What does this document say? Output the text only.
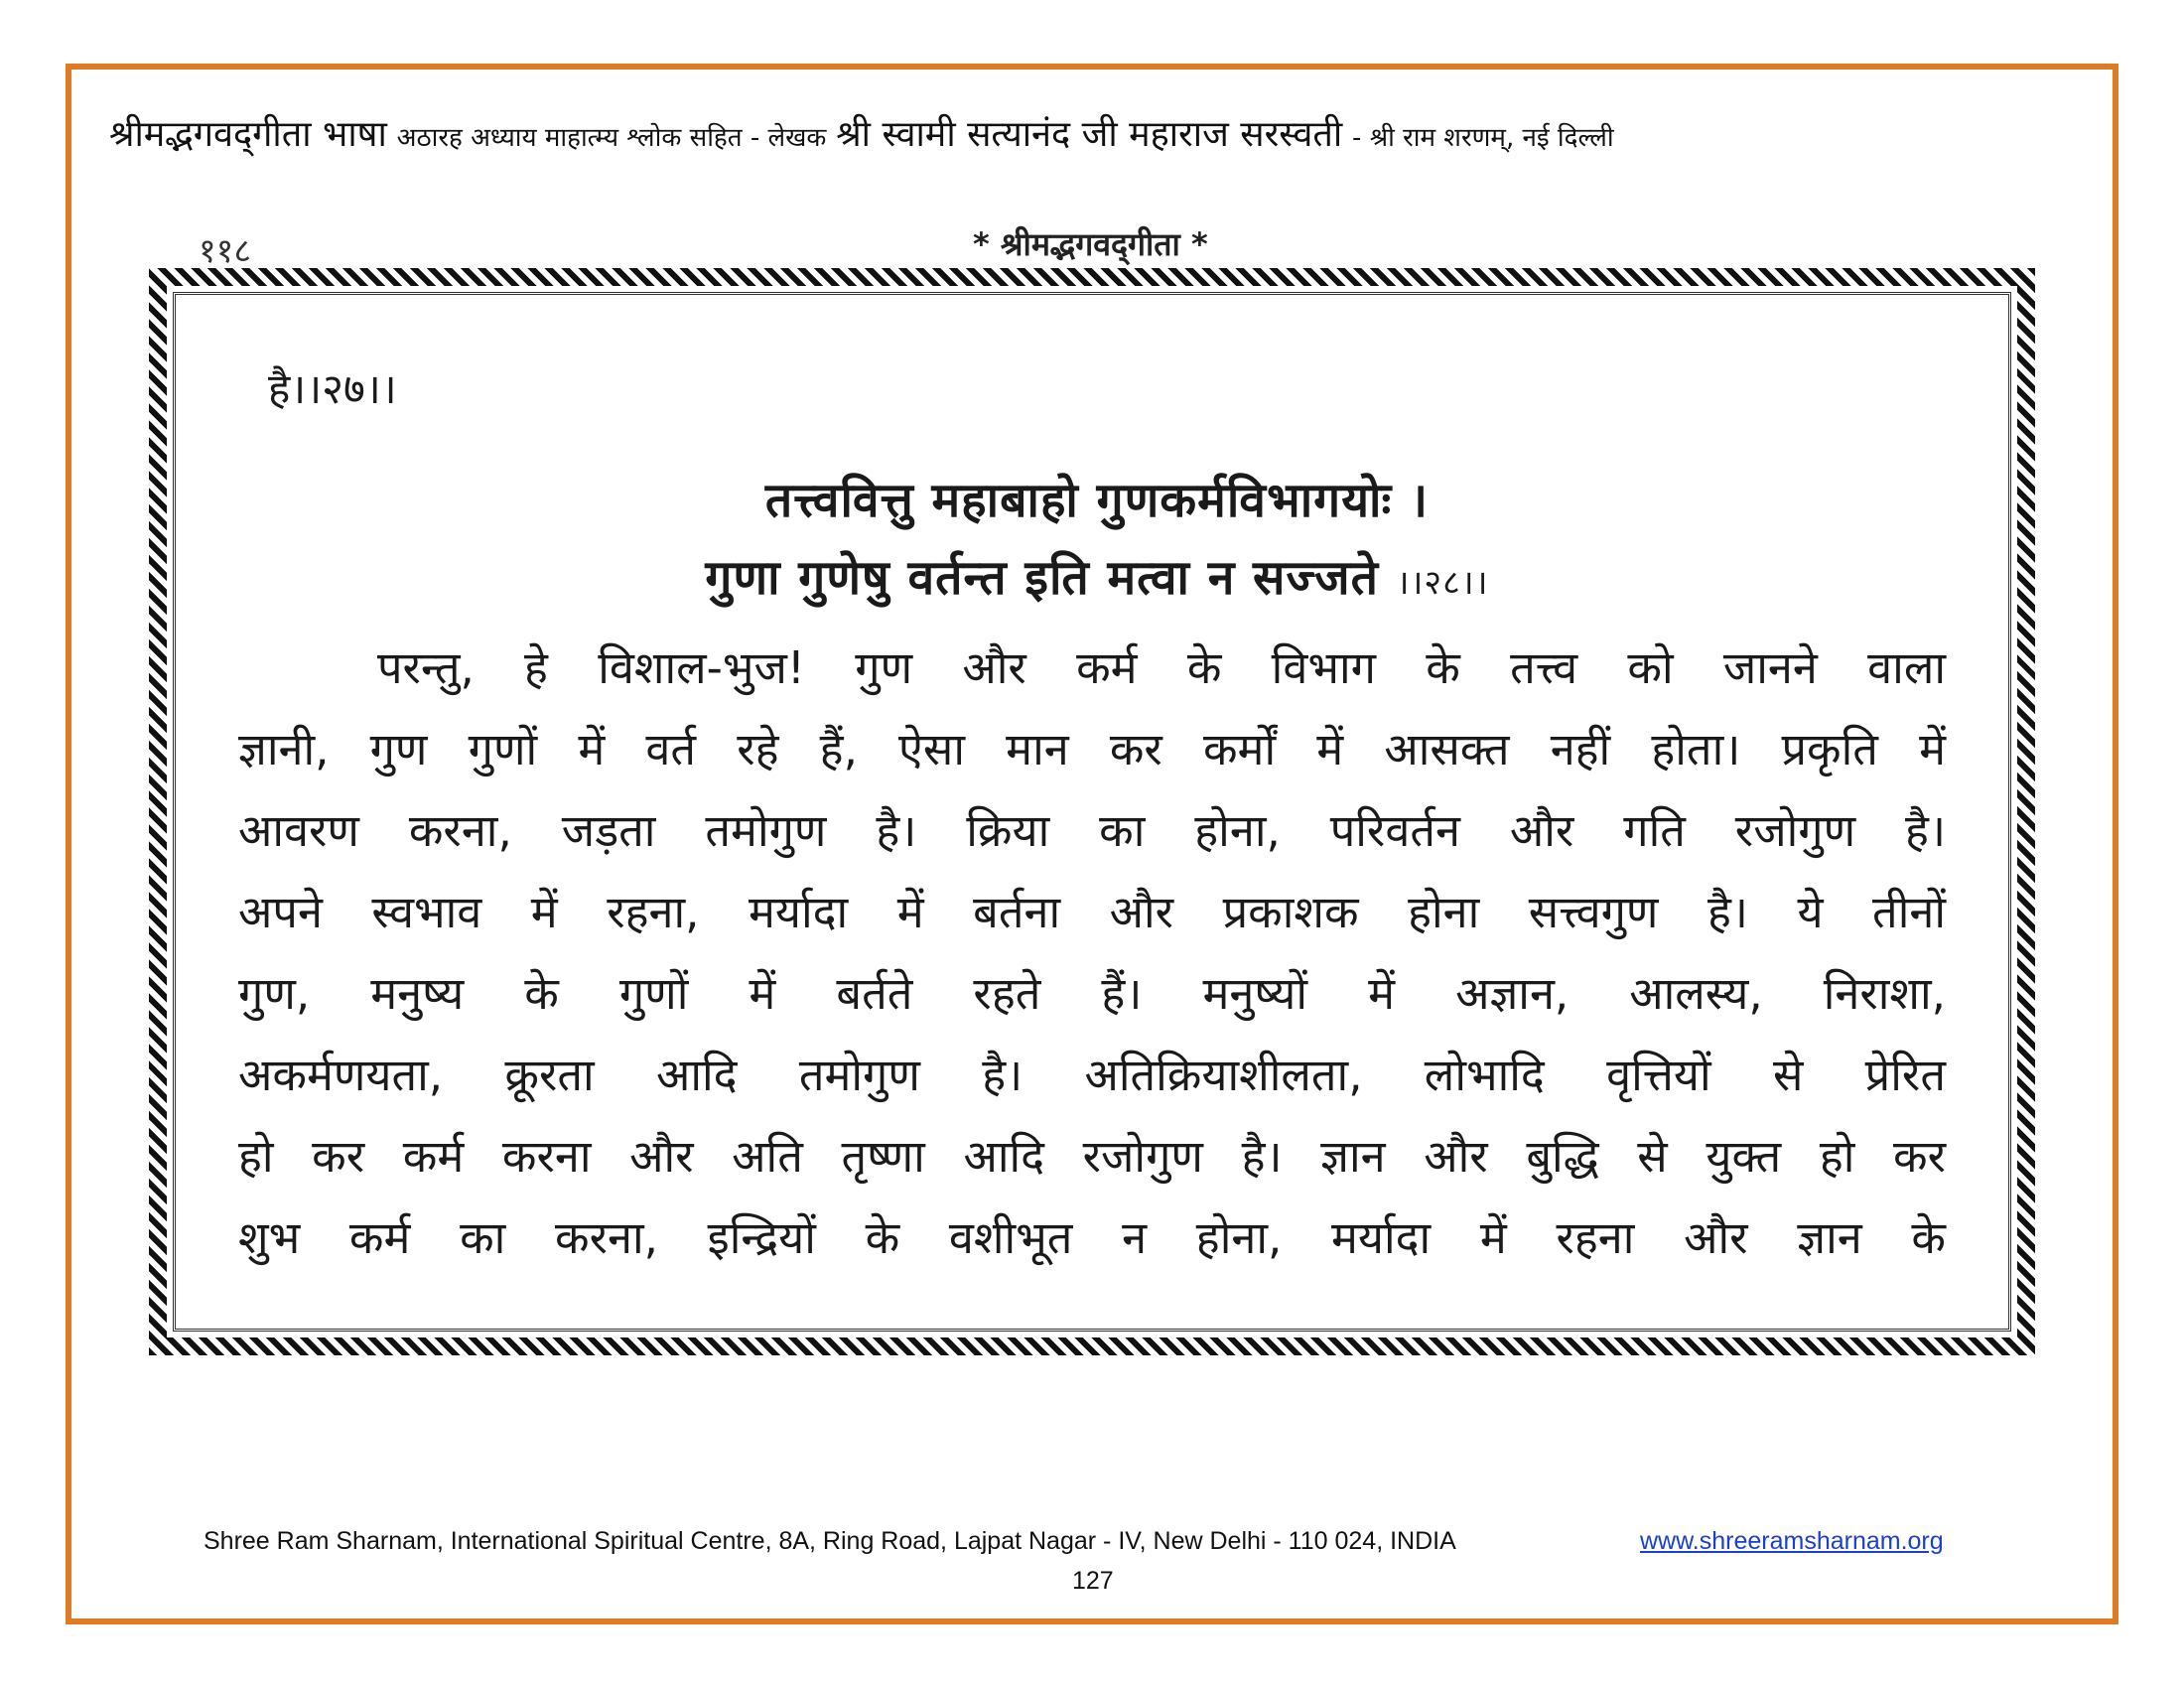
श्रीमद्भगवद्‌गीता भाषा अठारह अध्याय माहात्म्य श्लोक सहित - लेखक श्री स्वामी सत्यानंद जी महाराज सरस्वती - श्री राम शरणम्, नई दिल्ली
११८	* श्रीमद्भगवद्‌गीता *
है।।२७।।
तत्त्ववित्तु महाबाहो गुणकर्मविभागयोः ।
गुणा गुणेषु वर्तन्त इति मत्वा न सज्जते ।।२८।।
परन्तु, हे विशाल-भुज! गुण और कर्म के विभाग के तत्त्व को जानने वाला
ज्ञानी, गुण गुणों में वर्त रहे हैं, ऐसा मान कर कर्मों में आसक्त नहीं होता। प्रकृति में
आवरण करना, जड़ता तमोगुण है। क्रिया का होना, परिवर्तन और गति रजोगुण है।
अपने स्वभाव में रहना, मर्यादा में बर्तना और प्रकाशक होना सत्त्वगुण है। ये तीनों
गुण, मनुष्य के गुणों में बर्तते रहते हैं। मनुष्यों में अज्ञान, आलस्य, निराशा,
अकर्मणयता, क्रूरता आदि तमोगुण है। अतिक्रियाशीलता, लोभादि वृत्तियों से प्रेरित
हो कर कर्म करना और अति तृष्णा आदि रजोगुण है। ज्ञान और बुद्धि से युक्त हो कर
शुभ कर्म का करना, इन्द्रियों के वशीभूत न होना, मर्यादा में रहना और ज्ञान के
Shree Ram Sharnam, International Spiritual Centre, 8A, Ring Road, Lajpat Nagar - IV, New Delhi - 110 024, INDIA	www.shreeramsharnam.org
127
